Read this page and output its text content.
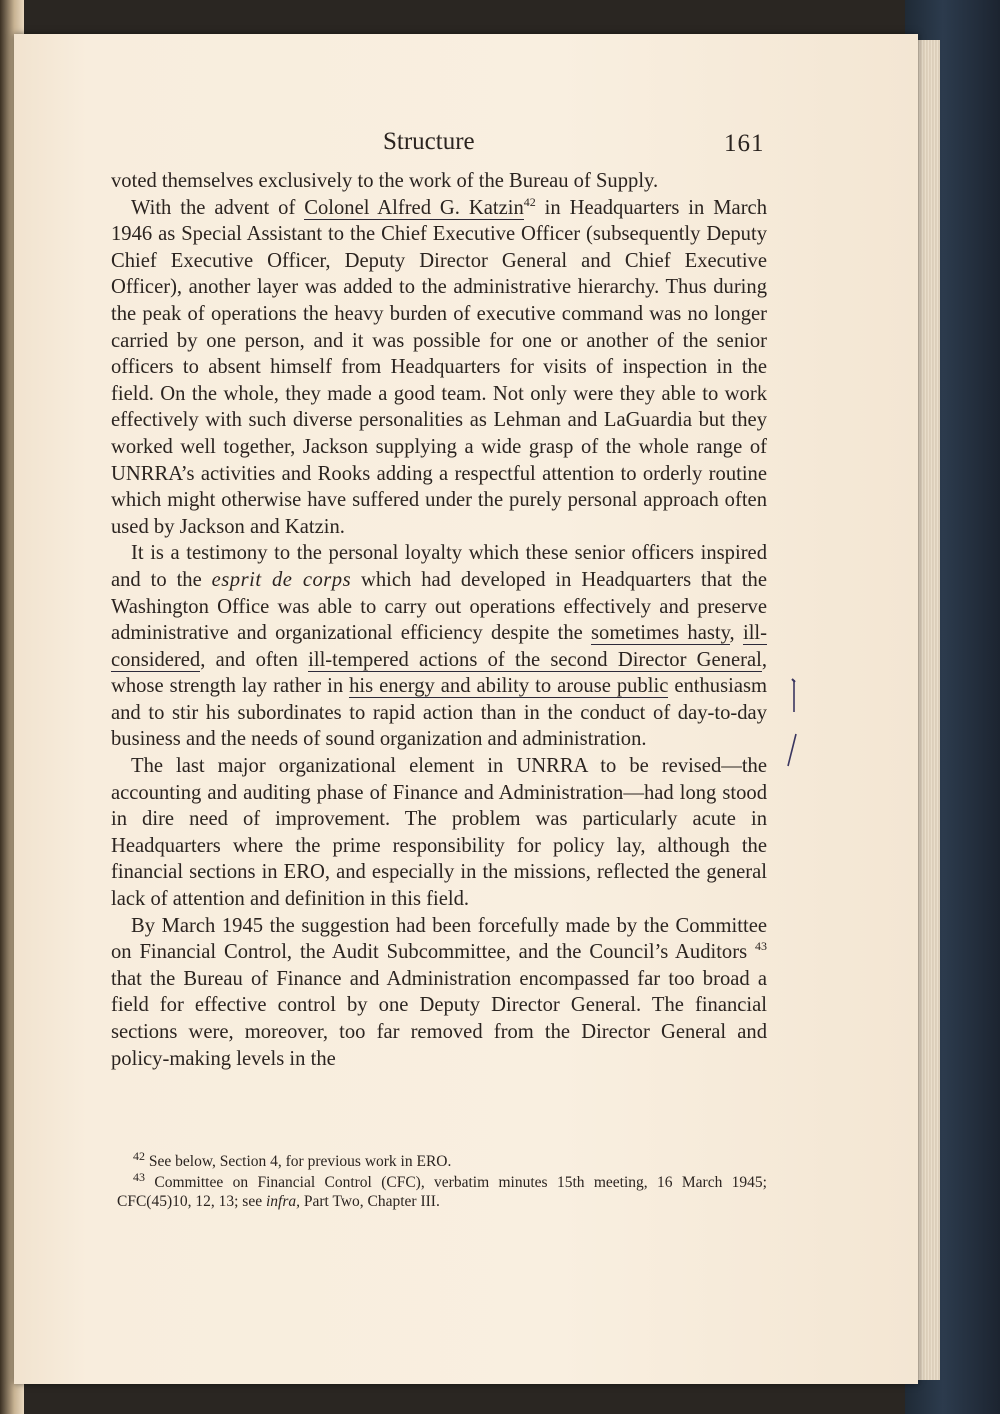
Structure	161

voted themselves exclusively to the work of the Bureau of Supply.

With the advent of Colonel Alfred G. Katzin$^{42}$ in Headquarters in March 1946 as Special Assistant to the Chief Executive Officer (subsequently Deputy Chief Executive Officer, Deputy Director General and Chief Executive Officer), another layer was added to the administrative hierarchy. Thus during the peak of operations the heavy burden of executive command was no longer carried by one person, and it was possible for one or another of the senior officers to absent himself from Headquarters for visits of inspection in the field. On the whole, they made a good team. Not only were they able to work effectively with such diverse personalities as Lehman and LaGuardia but they worked well together, Jackson supplying a wide grasp of the whole range of UNRRA’s activities and Rooks adding a respectful attention to orderly routine which might otherwise have suffered under the purely personal approach often used by Jackson and Katzin.

It is a testimony to the personal loyalty which these senior officers inspired and to the esprit de corps which had developed in Headquarters that the Washington Office was able to carry out operations effectively and preserve administrative and organizational efficiency despite the sometimes hasty, ill-considered, and often ill-tempered actions of the second Director General, whose strength lay rather in his energy and ability to arouse public enthusiasm and to stir his subordinates to rapid action than in the conduct of day-to-day business and the needs of sound organization and administration.

The last major organizational element in UNRRA to be revised—the accounting and auditing phase of Finance and Administration—had long stood in dire need of improvement. The problem was particularly acute in Headquarters where the prime responsibility for policy lay, although the financial sections in ERO, and especially in the missions, reflected the general lack of attention and definition in this field.

By March 1945 the suggestion had been forcefully made by the Committee on Financial Control, the Audit Subcommittee, and the Council’s Auditors $^{43}$ that the Bureau of Finance and Administration encompassed far too broad a field for effective control by one Deputy Director General. The financial sections were, moreover, too far removed from the Director General and policy-making levels in the

$^{42}$ See below, Section 4, for previous work in ERO.

$^{43}$ Committee on Financial Control (CFC), verbatim minutes 15th meeting, 16 March 1945; CFC(45)10, 12, 13; see infra, Part Two, Chapter III.
